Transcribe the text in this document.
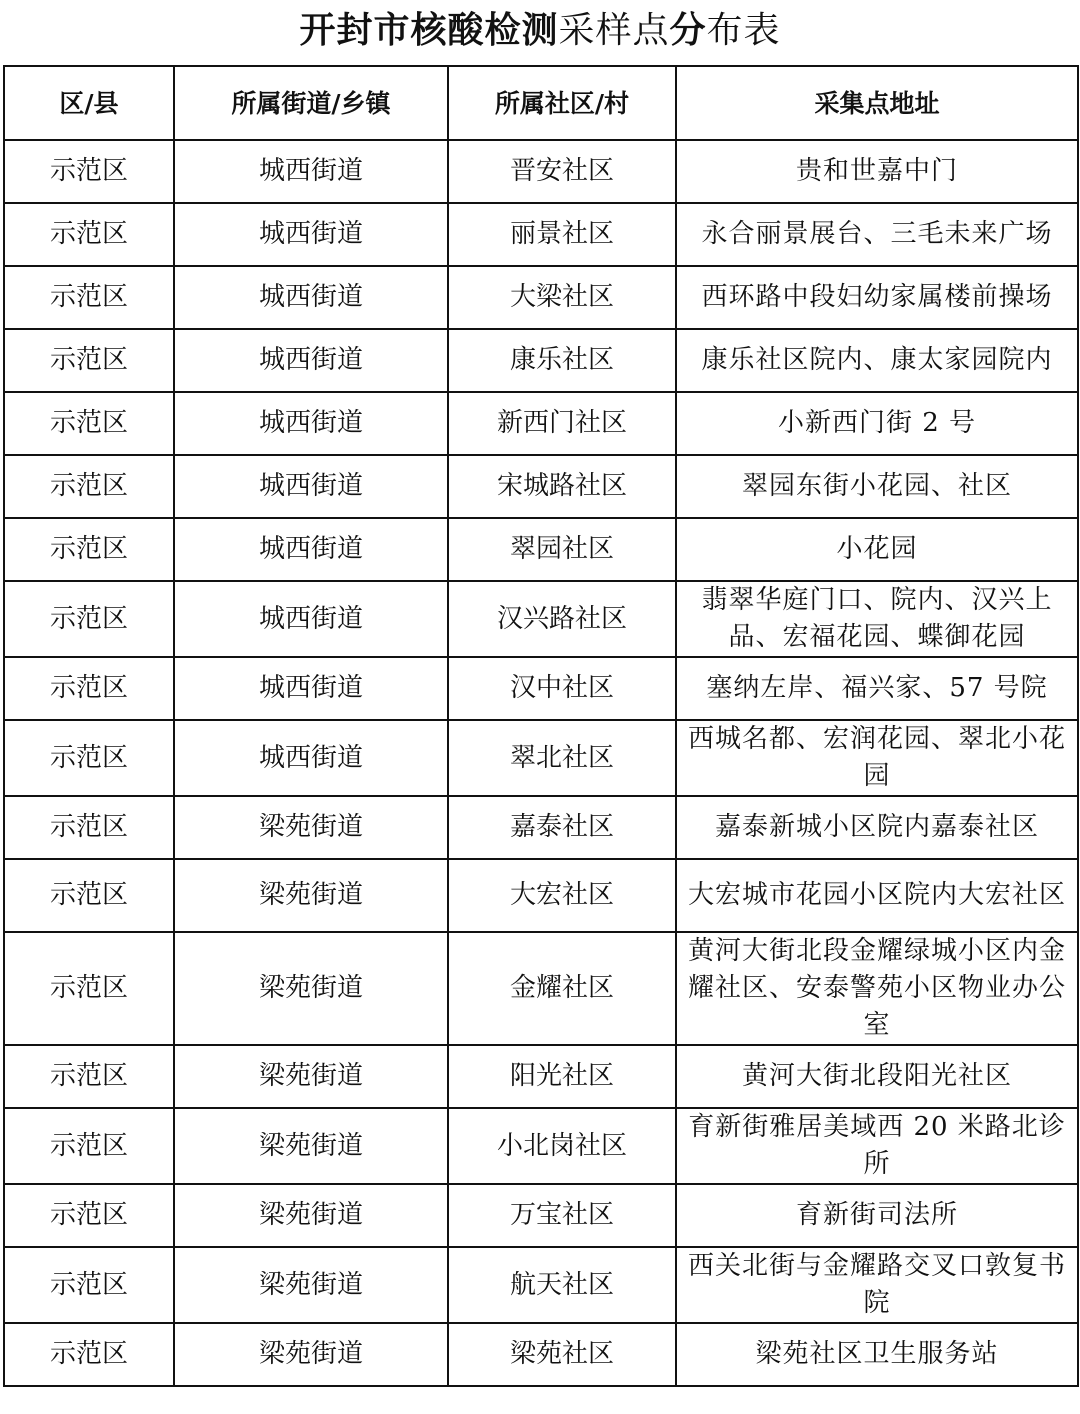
开封市核酸检测采样点分布表
区/县	所属街道/乡镇	所属社区/村	采集点地址
示范区	城西街道	晋安社区	贵和世嘉中门
示范区	城西街道	丽景社区	永合丽景展台、三毛未来广场
示范区	城西街道	大梁社区	西环路中段妇幼家属楼前操场
示范区	城西街道	康乐社区	康乐社区院内、康太家园院内
示范区	城西街道	新西门社区	小新西门街 2 号
示范区	城西街道	宋城路社区	翠园东街小花园、社区
示范区	城西街道	翠园社区	小花园
示范区	城西街道	汉兴路社区	翡翠华庭门口、院内、汉兴上品、宏福花园、蝶御花园
示范区	城西街道	汉中社区	塞纳左岸、福兴家、57 号院
示范区	城西街道	翠北社区	西城名都、宏润花园、翠北小花园
示范区	梁苑街道	嘉泰社区	嘉泰新城小区院内嘉泰社区
示范区	梁苑街道	大宏社区	大宏城市花园小区院内大宏社区
示范区	梁苑街道	金耀社区	黄河大街北段金耀绿城小区内金耀社区、安泰警苑小区物业办公室
示范区	梁苑街道	阳光社区	黄河大街北段阳光社区
示范区	梁苑街道	小北岗社区	育新街雅居美域西 20 米路北诊所
示范区	梁苑街道	万宝社区	育新街司法所
示范区	梁苑街道	航天社区	西关北街与金耀路交叉口敦复书院
示范区	梁苑街道	梁苑社区	梁苑社区卫生服务站
